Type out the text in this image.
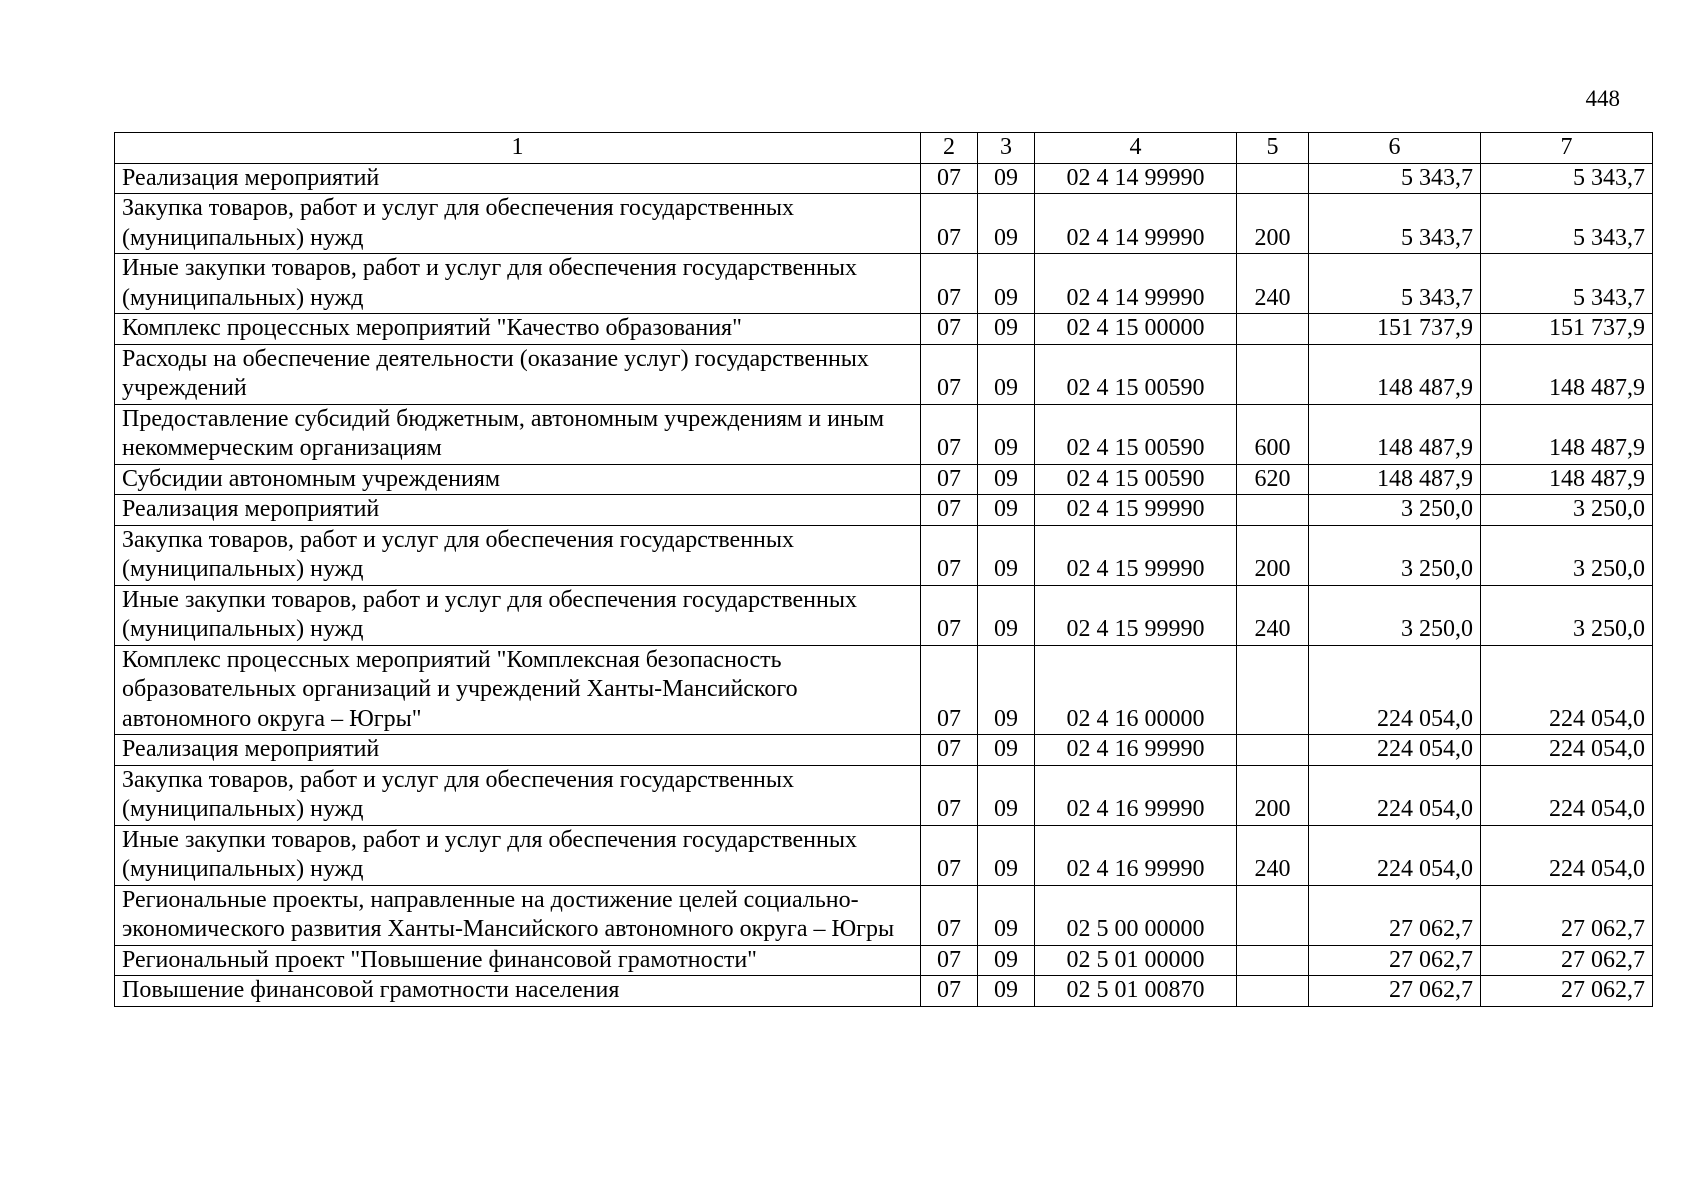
448
1	2	3	4	5	6	7
Реализация мероприятий	07	09	02 4 14 99990		5 343,7	5 343,7
Закупка товаров, работ и услуг для обеспечения государственных (муниципальных) нужд	07	09	02 4 14 99990	200	5 343,7	5 343,7
Иные закупки товаров, работ и услуг для обеспечения государственных (муниципальных) нужд	07	09	02 4 14 99990	240	5 343,7	5 343,7
Комплекс процессных мероприятий "Качество образования"	07	09	02 4 15 00000		151 737,9	151 737,9
Расходы на обеспечение деятельности (оказание услуг) государственных учреждений	07	09	02 4 15 00590		148 487,9	148 487,9
Предоставление субсидий бюджетным, автономным учреждениям и иным некоммерческим организациям	07	09	02 4 15 00590	600	148 487,9	148 487,9
Субсидии автономным учреждениям	07	09	02 4 15 00590	620	148 487,9	148 487,9
Реализация мероприятий	07	09	02 4 15 99990		3 250,0	3 250,0
Закупка товаров, работ и услуг для обеспечения государственных (муниципальных) нужд	07	09	02 4 15 99990	200	3 250,0	3 250,0
Иные закупки товаров, работ и услуг для обеспечения государственных (муниципальных) нужд	07	09	02 4 15 99990	240	3 250,0	3 250,0
Комплекс процессных мероприятий "Комплексная безопасность образовательных организаций и учреждений Ханты-Мансийского автономного округа – Югры"	07	09	02 4 16 00000		224 054,0	224 054,0
Реализация мероприятий	07	09	02 4 16 99990		224 054,0	224 054,0
Закупка товаров, работ и услуг для обеспечения государственных (муниципальных) нужд	07	09	02 4 16 99990	200	224 054,0	224 054,0
Иные закупки товаров, работ и услуг для обеспечения государственных (муниципальных) нужд	07	09	02 4 16 99990	240	224 054,0	224 054,0
Региональные проекты, направленные на достижение целей социально-экономического развития Ханты-Мансийского автономного округа – Югры	07	09	02 5 00 00000		27 062,7	27 062,7
Региональный проект "Повышение финансовой грамотности"	07	09	02 5 01 00000		27 062,7	27 062,7
Повышение финансовой грамотности населения	07	09	02 5 01 00870		27 062,7	27 062,7
